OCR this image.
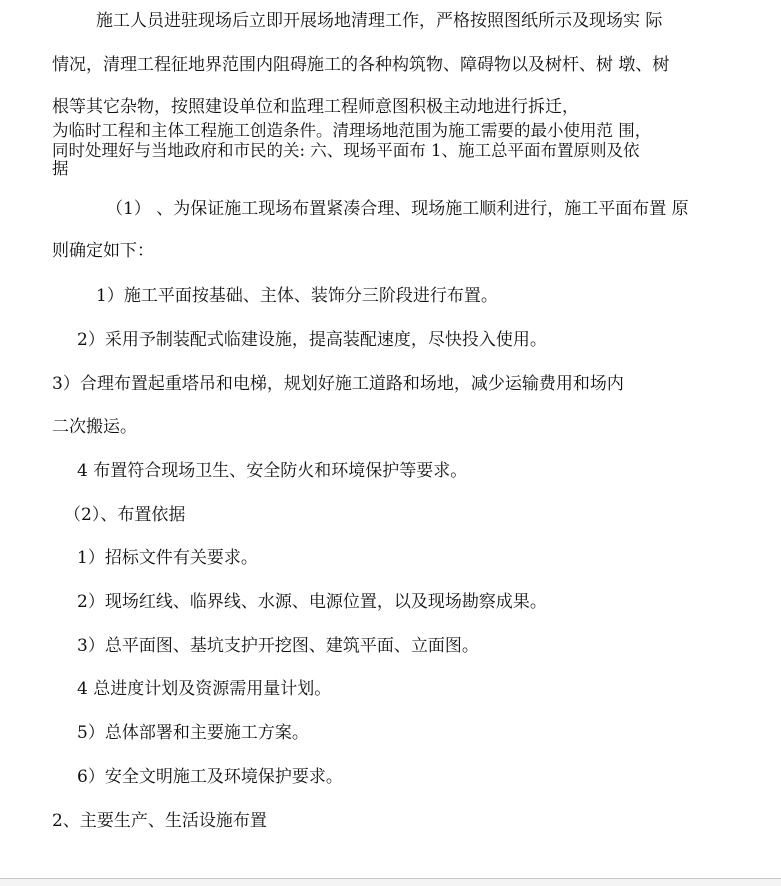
施工人员进驻现场后立即开展场地清理工作，严格按照图纸所示及现场实 际
情况，清理工程征地界范围内阻碍施工的各种构筑物、障碍物以及树杆、树 墩、树
根等其它杂物，按照建设单位和监理工程师意图积极主动地进行拆迁，
为临时工程和主体工程施工创造条件。清理场地范围为施工需要的最小使用范 围，
同时处理好与当地政府和市民的关: 六、现场平面布 1、施工总平面布置原则及依
据
（1） 、为保证施工现场布置紧凑合理、现场施工顺利进行，施工平面布置 原
则确定如下：
1）施工平面按基础、主体、装饰分三阶段进行布置。
2）采用予制装配式临建设施，提高装配速度，尽快投入使用。
3）合理布置起重塔吊和电梯，规划好施工道路和场地，减少运输费用和场内
二次搬运。
4 布置符合现场卫生、安全防火和环境保护等要求。
（2）、布置依据
1）招标文件有关要求。
2）现场红线、临界线、水源、电源位置，以及现场勘察成果。
3）总平面图、基坑支护开挖图、建筑平面、立面图。
4 总进度计划及资源需用量计划。
5）总体部署和主要施工方案。
6）安全文明施工及环境保护要求。
2、主要生产、生活设施布置
